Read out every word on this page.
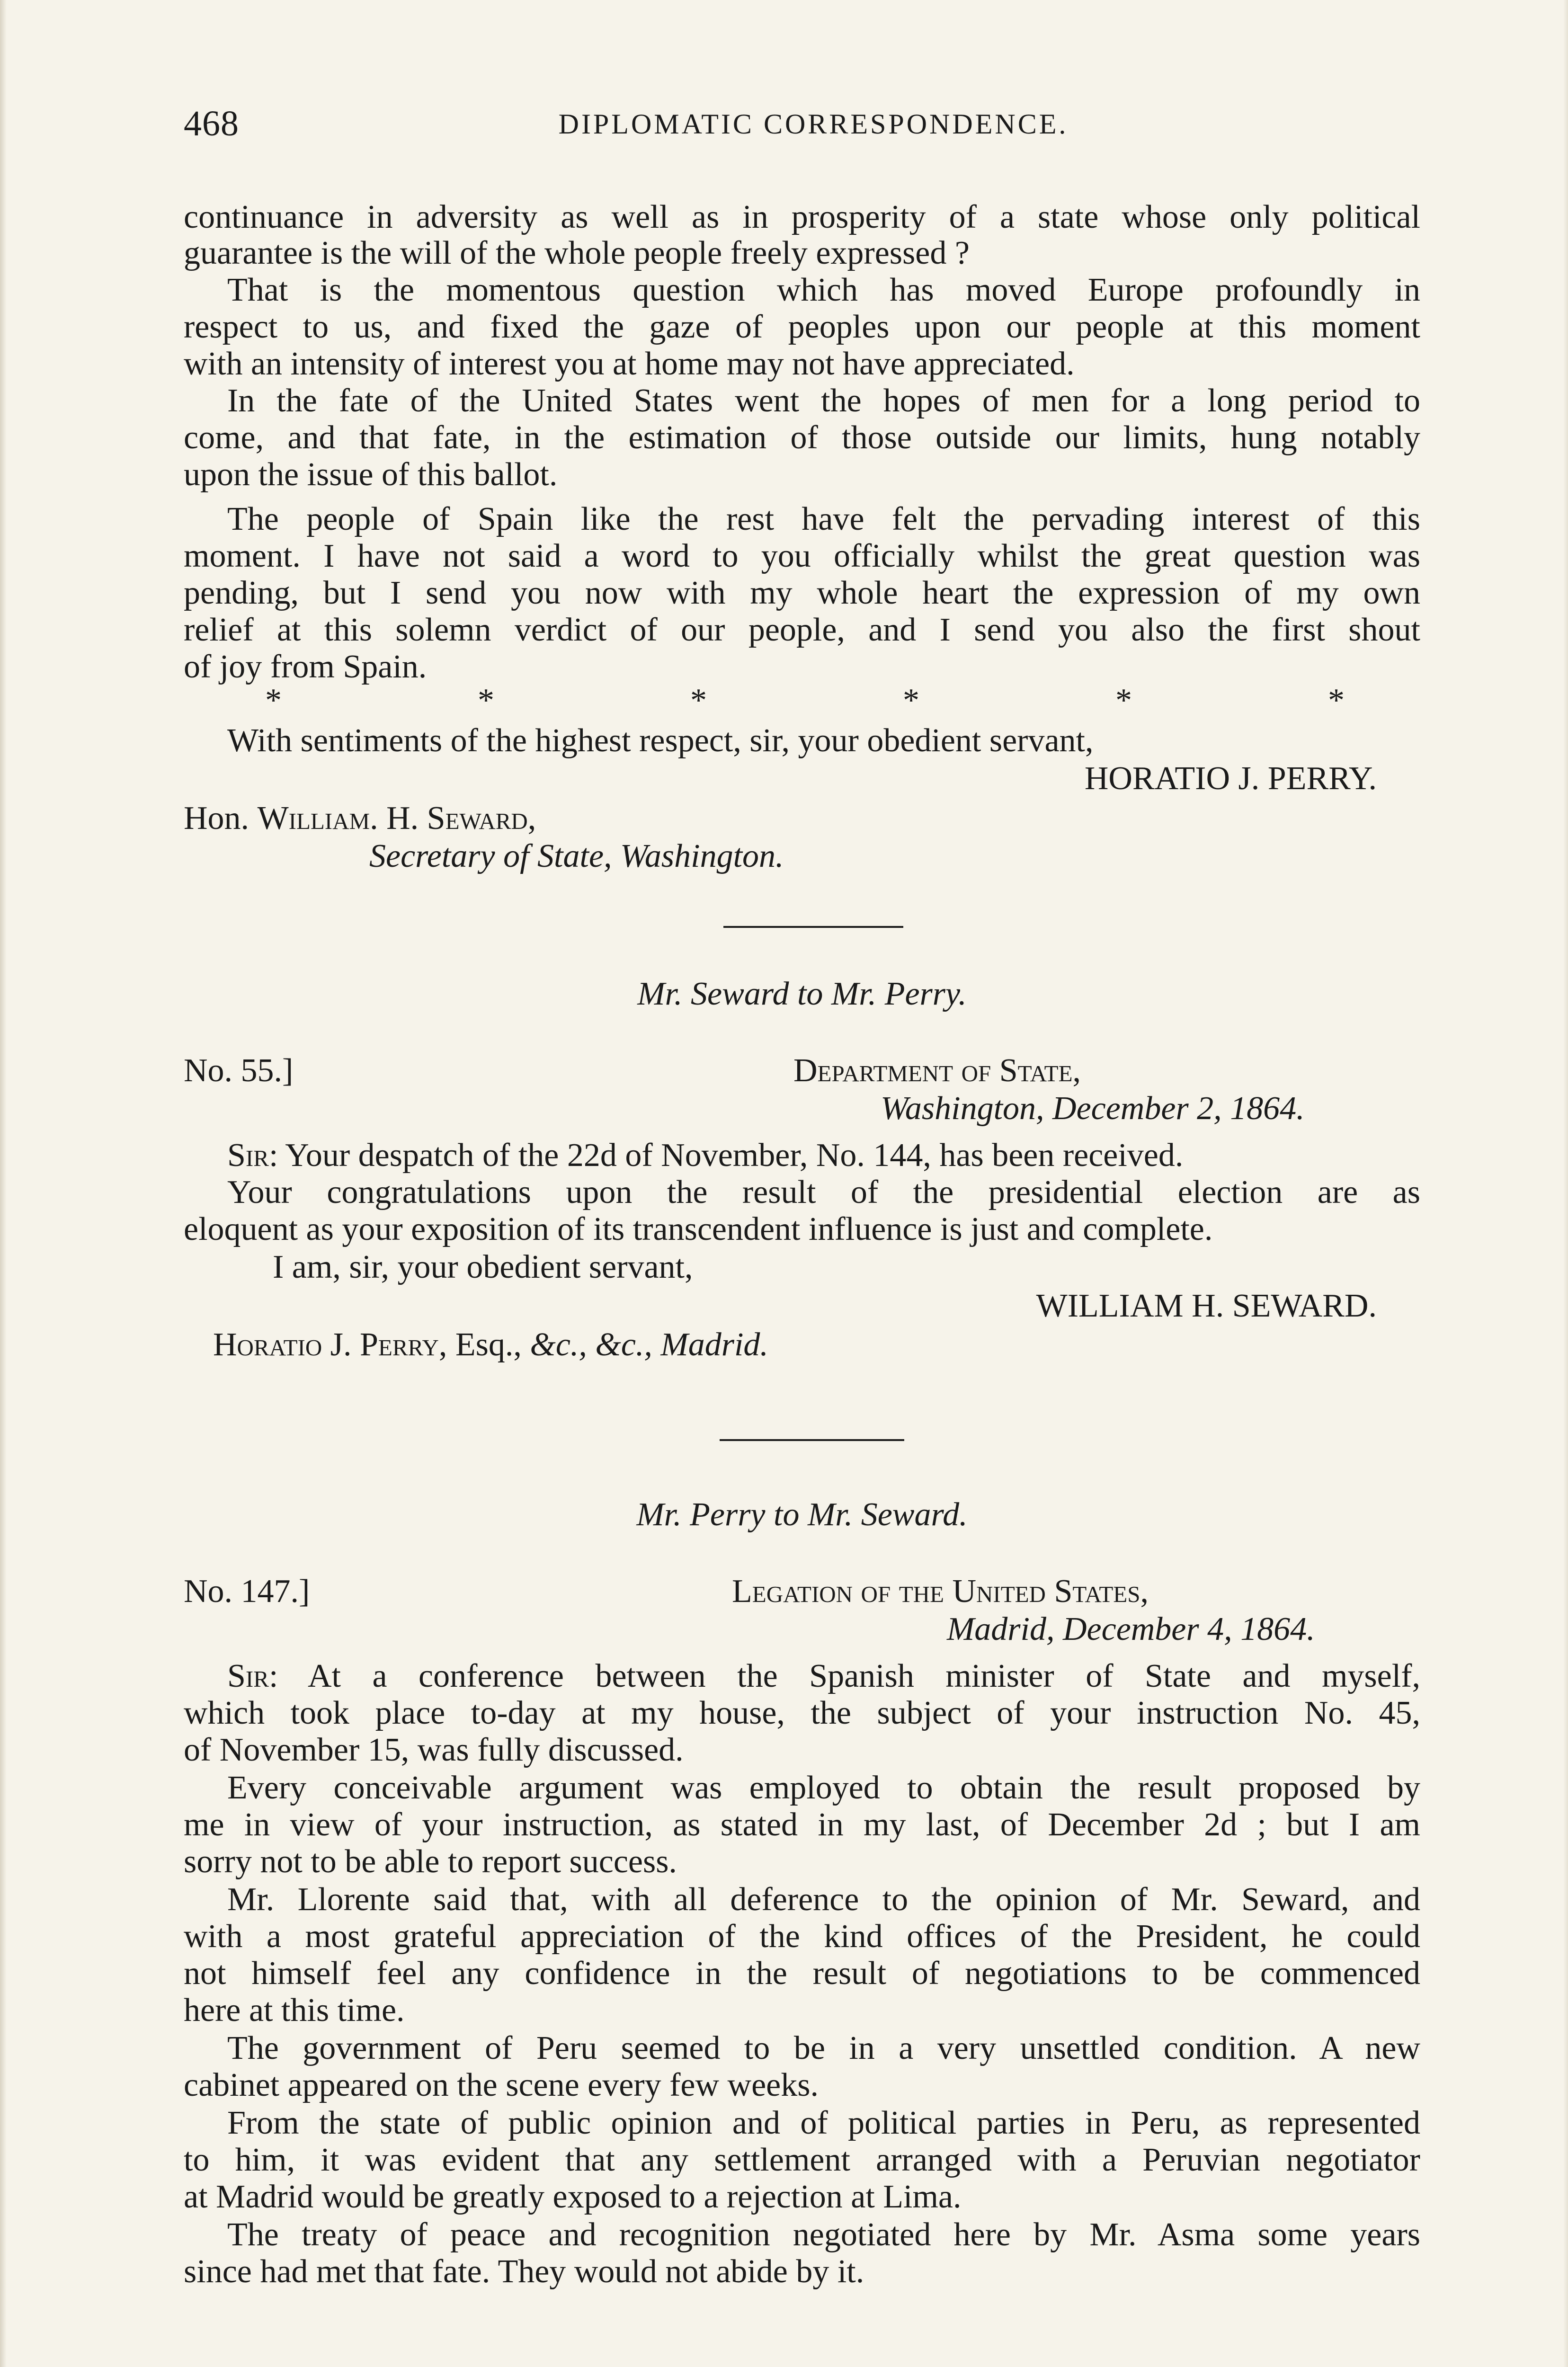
468	DIPLOMATIC CORRESPONDENCE.
continuance in adversity as well as in prosperity of a state whose only political
guarantee is the will of the whole people freely expressed ?
That is the momentous question which has moved Europe profoundly in
respect to us, and fixed the gaze of peoples upon our people at this moment
with an intensity of interest you at home may not have appreciated.
In the fate of the United States went the hopes of men for a long period to
come, and that fate, in the estimation of those outside our limits, hung notably
upon the issue of this ballot.
The people of Spain like the rest have felt the pervading interest of this
moment. I have not said a word to you officially whilst the great question was
pending, but I send you now with my whole heart the expression of my own
relief at this solemn verdict of our people, and I send you also the first shout
of joy from Spain.
*	*	*	*	*	*
With sentiments of the highest respect, sir, your obedient servant,
HORATIO J. PERRY.
Hon. William. H. Seward,
Secretary of State, Washington.
Mr. Seward to Mr. Perry.
No. 55.]	Department of State,
Washington, December 2, 1864.
Sir: Your despatch of the 22d of November, No. 144, has been received.
Your congratulations upon the result of the presidential election are as
eloquent as your exposition of its transcendent influence is just and complete.
I am, sir, your obedient servant,
WILLIAM H. SEWARD.
Horatio J. Perry, Esq., &c., &c., Madrid.
Mr. Perry to Mr. Seward.
No. 147.]	Legation of the United States,
Madrid, December 4, 1864.
Sir: At a conference between the Spanish minister of State and myself,
which took place to-day at my house, the subject of your instruction No. 45,
of November 15, was fully discussed.
Every conceivable argument was employed to obtain the result proposed by
me in view of your instruction, as stated in my last, of December 2d ; but I am
sorry not to be able to report success.
Mr. Llorente said that, with all deference to the opinion of Mr. Seward, and
with a most grateful appreciation of the kind offices of the President, he could
not himself feel any confidence in the result of negotiations to be commenced
here at this time.
The government of Peru seemed to be in a very unsettled condition. A new
cabinet appeared on the scene every few weeks.
From the state of public opinion and of political parties in Peru, as represented
to him, it was evident that any settlement arranged with a Peruvian negotiator
at Madrid would be greatly exposed to a rejection at Lima.
The treaty of peace and recognition negotiated here by Mr. Asma some years
since had met that fate. They would not abide by it.
